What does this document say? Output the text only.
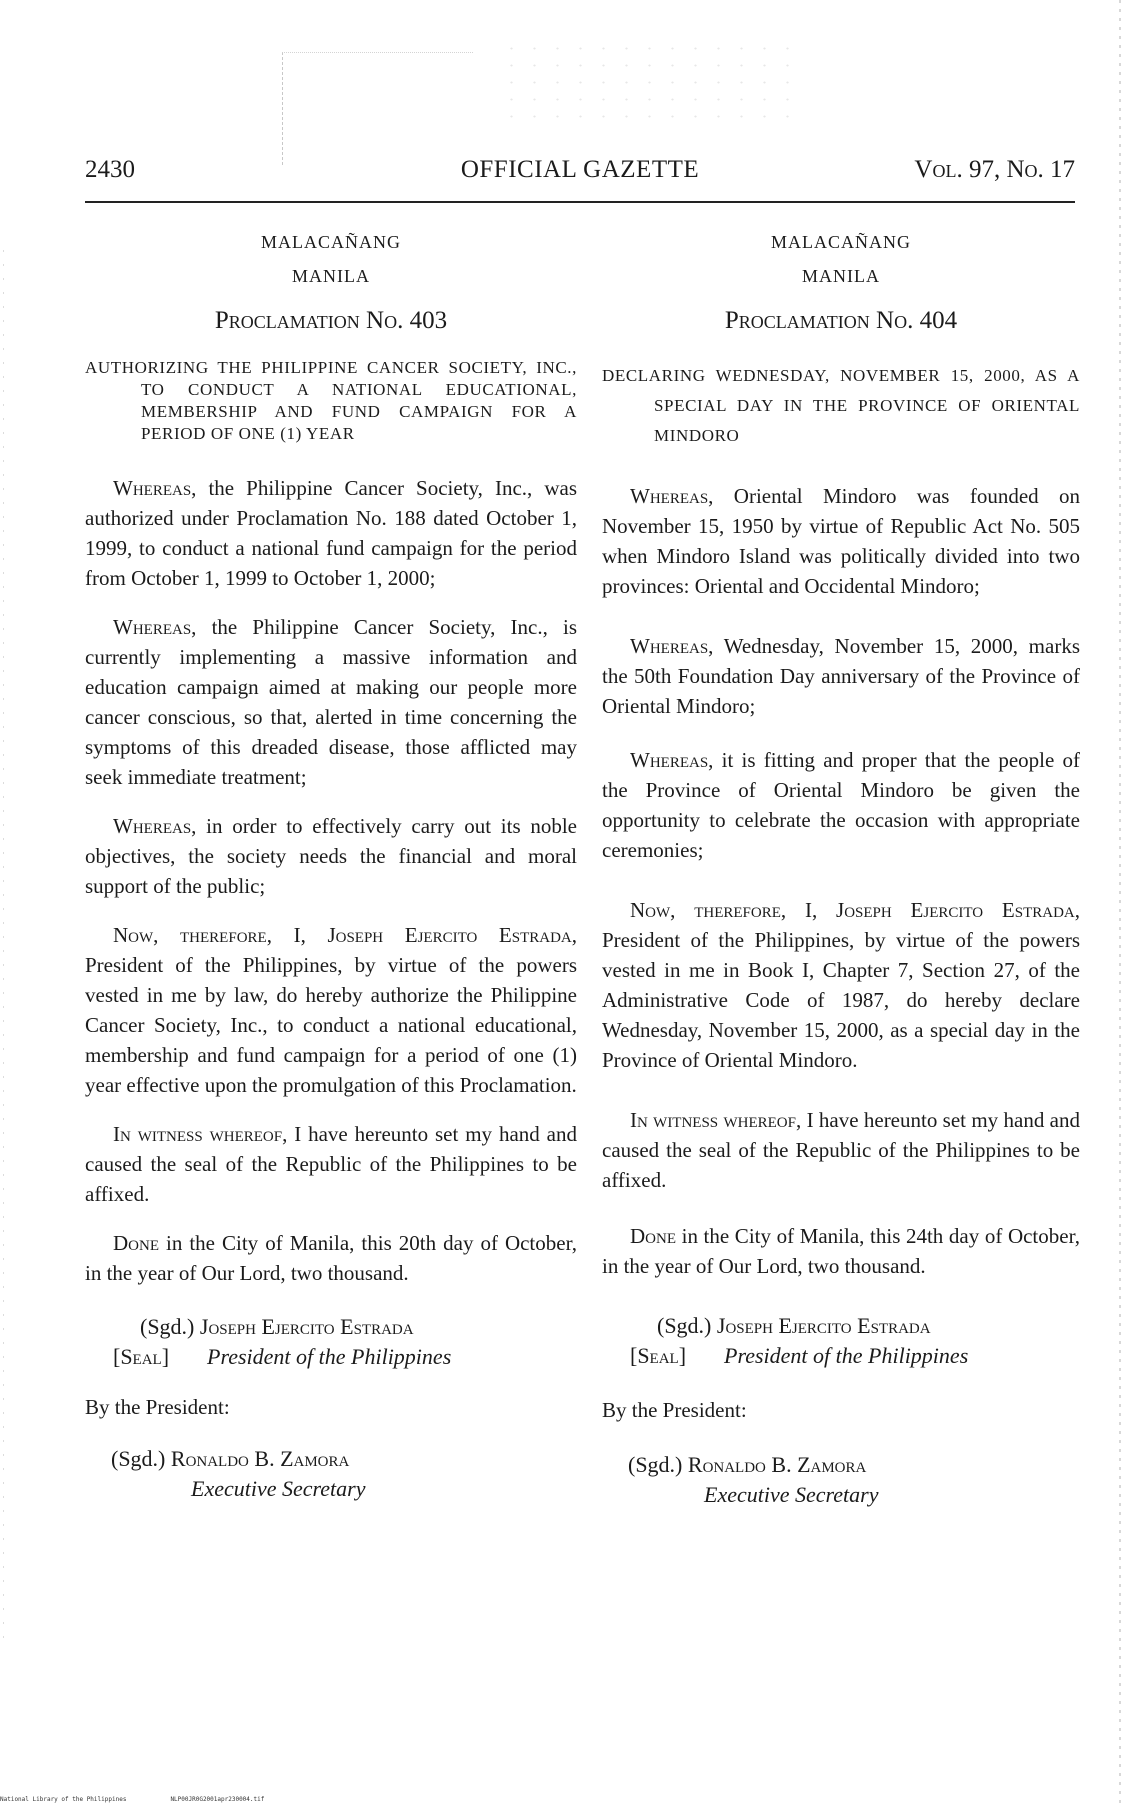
2430	OFFICIAL GAZETTE	Vol. 97, No. 17
MALACAÑANG
MANILA
Proclamation No. 403
AUTHORIZING THE PHILIPPINE CANCER SOCIETY, INC., TO CONDUCT A NATIONAL EDUCATIONAL, MEMBERSHIP AND FUND CAMPAIGN FOR A PERIOD OF ONE (1) YEAR

Whereas, the Philippine Cancer Society, Inc., was authorized under Proclamation No. 188 dated October 1, 1999, to conduct a national fund campaign for the period from October 1, 1999 to October 1, 2000;

Whereas, the Philippine Cancer Society, Inc., is currently implementing a massive information and education campaign aimed at making our people more cancer conscious, so that, alerted in time concerning the symptoms of this dreaded disease, those afflicted may seek immediate treatment;

Whereas, in order to effectively carry out its noble objectives, the society needs the financial and moral support of the public;

Now, therefore, I, Joseph Ejercito Estrada, President of the Philippines, by virtue of the powers vested in me by law, do hereby authorize the Philippine Cancer Society, Inc., to conduct a national educational, membership and fund campaign for a period of one (1) year effective upon the promulgation of this Proclamation.

In witness whereof, I have hereunto set my hand and caused the seal of the Republic of the Philippines to be affixed.

Done in the City of Manila, this 20th day of October, in the year of Our Lord, two thousand.

(Sgd.) Joseph Ejercito Estrada
[Seal] President of the Philippines
By the President:
(Sgd.) Ronaldo B. Zamora
Executive Secretary
MALACAÑANG
MANILA
Proclamation No. 404
DECLARING WEDNESDAY, NOVEMBER 15, 2000, AS A SPECIAL DAY IN THE PROVINCE OF ORIENTAL MINDORO

Whereas, Oriental Mindoro was founded on November 15, 1950 by virtue of Republic Act No. 505 when Mindoro Island was politically divided into two provinces: Oriental and Occidental Mindoro;

Whereas, Wednesday, November 15, 2000, marks the 50th Foundation Day anniversary of the Province of Oriental Mindoro;

Whereas, it is fitting and proper that the people of the Province of Oriental Mindoro be given the opportunity to celebrate the occasion with appropriate ceremonies;

Now, therefore, I, Joseph Ejercito Estrada, President of the Philippines, by virtue of the powers vested in me in Book I, Chapter 7, Section 27, of the Administrative Code of 1987, do hereby declare Wednesday, November 15, 2000, as a special day in the Province of Oriental Mindoro.

In witness whereof, I have hereunto set my hand and caused the seal of the Republic of the Philippines to be affixed.

Done in the City of Manila, this 24th day of October, in the year of Our Lord, two thousand.

(Sgd.) Joseph Ejercito Estrada
[Seal] President of the Philippines
By the President:
(Sgd.) Ronaldo B. Zamora
Executive Secretary
National Library of the Philippines	NLP00JR0G2001apr230004.tif
